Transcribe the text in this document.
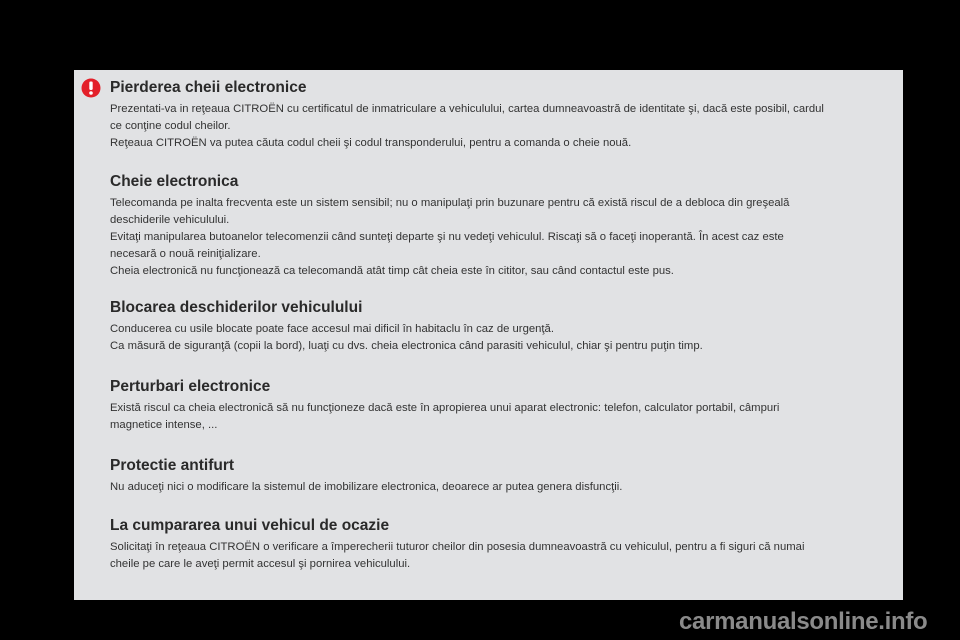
Pierderea cheii electronice

Prezentati-va in reţeaua CITROËN cu certificatul de inmatriculare a vehiculului, cartea dumneavoastră de identitate şi, dacă este posibil, cardul
ce conţine codul cheilor.
Reţeaua CITROËN va putea căuta codul cheii şi codul transponderului, pentru a comanda o cheie nouă.

Cheie electronica

Telecomanda pe inalta frecventa este un sistem sensibil; nu o manipulaţi prin buzunare pentru că există riscul de a debloca din greşeală
deschiderile vehiculului.
Evitaţi manipularea butoanelor telecomenzii când sunteţi departe şi nu vedeţi vehiculul. Riscaţi să o faceţi inoperantă. În acest caz este
necesară o nouă reiniţializare.
Cheia electronică nu funcţionează ca telecomandă atât timp cât cheia este în cititor, sau când contactul este pus.

Blocarea deschiderilor vehiculului

Conducerea cu usile blocate poate face accesul mai dificil în habitaclu în caz de urgenţă.
Ca măsură de siguranţă (copii la bord), luaţi cu dvs. cheia electronica când parasiti vehiculul, chiar şi pentru puţin timp.

Perturbari electronice

Există riscul ca cheia electronică să nu funcţioneze dacă este în apropierea unui aparat electronic: telefon, calculator portabil, câmpuri
magnetice intense, ...

Protectie antifurt

Nu aduceţi nici o modificare la sistemul de imobilizare electronica, deoarece ar putea genera disfuncţii.

La cumpararea unui vehicul de ocazie

Solicitaţi în reţeaua CITROËN o verificare a împerecherii tuturor cheilor din posesia dumneavoastră cu vehiculul, pentru a fi siguri că numai
cheile pe care le aveţi permit accesul şi pornirea vehiculului.

carmanualsonline.info
